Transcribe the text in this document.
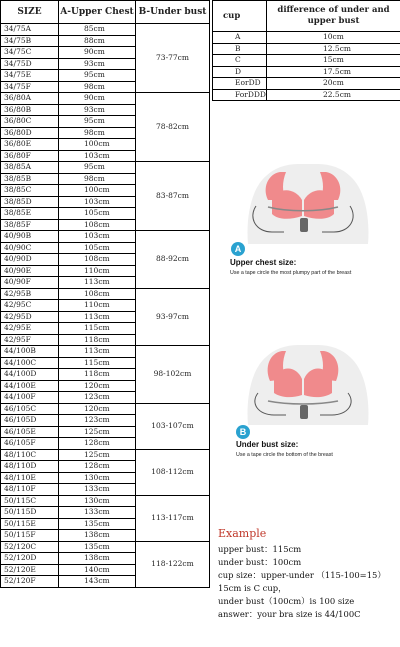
SIZE	A-Upper Chest	B-Under bust
34/75A	85cm	73-77cm
34/75B	88cm	
34/75C	90cm	
34/75D	93cm	
34/75E	95cm	
34/75F	98cm	
36/80A	90cm	78-82cm
36/80B	93cm	
36/80C	95cm	
36/80D	98cm	
36/80E	100cm	
36/80F	103cm	
38/85A	95cm	83-87cm
38/85B	98cm	
38/85C	100cm	
38/85D	103cm	
38/85E	105cm	
38/85F	108cm	
40/90B	103cm	88-92cm
40/90C	105cm	
40/90D	108cm	
40/90E	110cm	
40/90F	113cm	
42/95B	108cm	93-97cm
42/95C	110cm	
42/95D	113cm	
42/95E	115cm	
42/95F	118cm	
44/100B	113cm	98-102cm
44/100C	115cm	
44/100D	118cm	
44/100E	120cm	
44/100F	123cm	
46/105C	120cm	103-107cm
46/105D	123cm	
46/105E	125cm	
46/105F	128cm	
48/110C	125cm	108-112cm
48/110D	128cm	
48/110E	130cm	
48/110F	133cm	
50/115C	130cm	113-117cm
50/115D	133cm	
50/115E	135cm	
50/115F	138cm	
52/120C	135cm	118-122cm
52/120D	138cm	
52/120E	140cm	
52/120F	143cm	
cup	difference of under and upper bust
A	10cm
B	12.5cm
C	15cm
D	17.5cm
EorDD	20cm
ForDDD	22.5cm
A
Upper chest size:
Use a tape circle the most plumpy part of the breast
B
Under bust size:
Use a tape circle the bottom of the breast
Example
upper bust：115cm
under bust：100cm
cup size：upper-under （115-100=15）
15cm is C cup，
under bust（100cm）is 100 size
answer：your bra size is 44/100C
